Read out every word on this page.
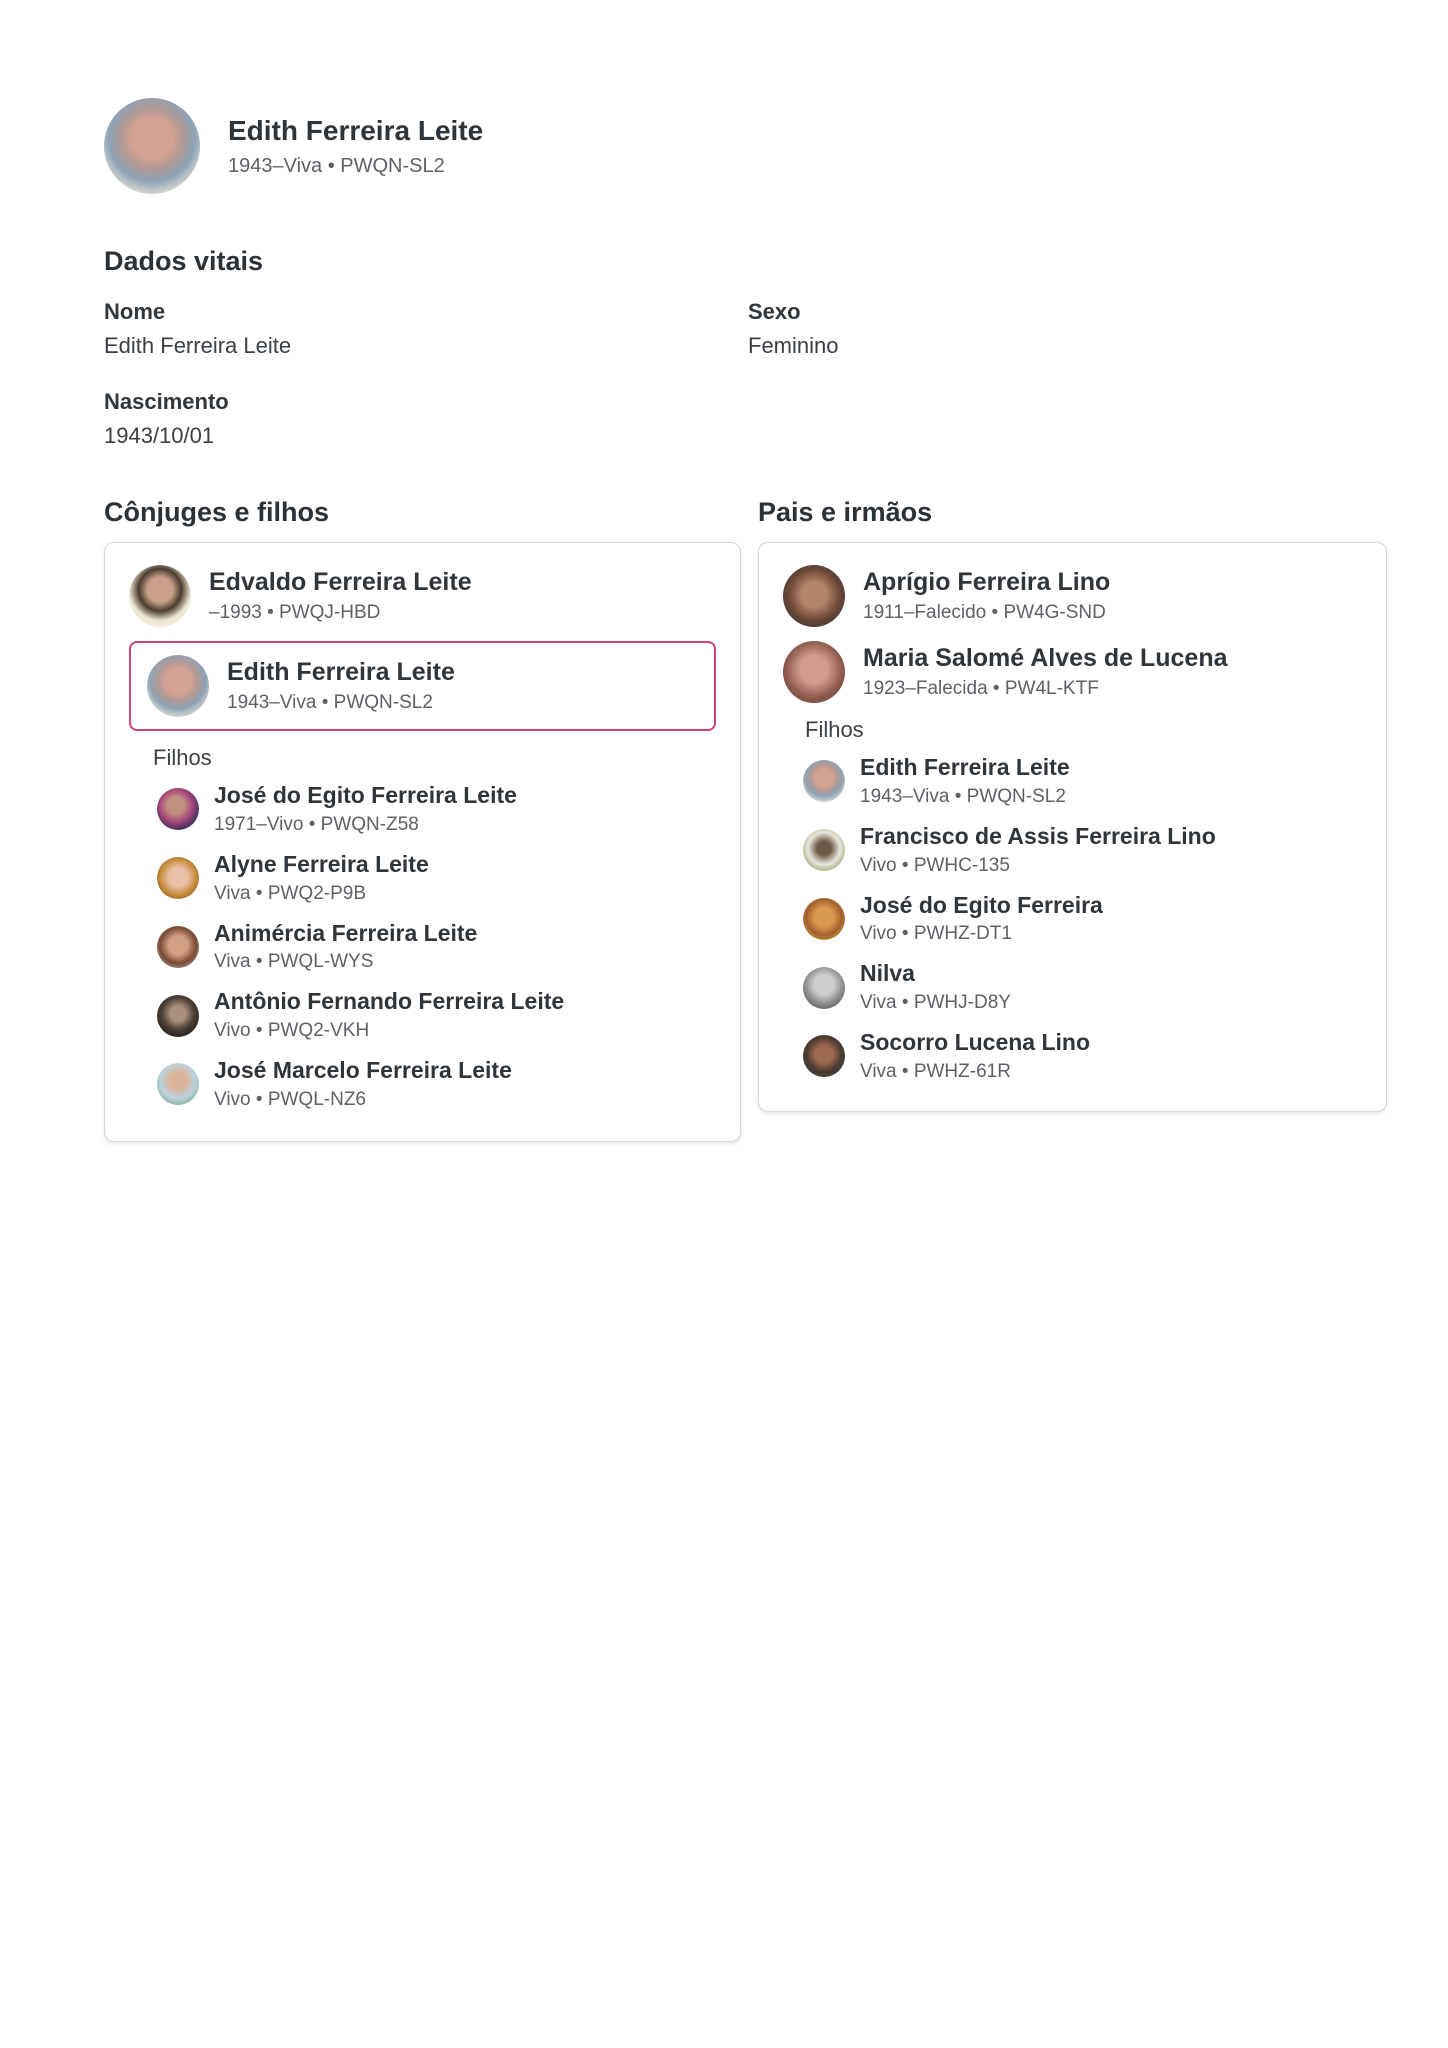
Edith Ferreira Leite
1943–Viva • PWQN-SL2
Dados vitais
Nome
Edith Ferreira Leite
Sexo
Feminino
Nascimento
1943/10/01
Cônjuges e filhos
Edvaldo Ferreira Leite
–1993 • PWQJ-HBD
Edith Ferreira Leite
1943–Viva • PWQN-SL2
Filhos
José do Egito Ferreira Leite
1971–Vivo • PWQN-Z58
Alyne Ferreira Leite
Viva • PWQ2-P9B
Animércia Ferreira Leite
Viva • PWQL-WYS
Antônio Fernando Ferreira Leite
Vivo • PWQ2-VKH
José Marcelo Ferreira Leite
Vivo • PWQL-NZ6
Pais e irmãos
Aprígio Ferreira Lino
1911–Falecido • PW4G-SND
Maria Salomé Alves de Lucena
1923–Falecida • PW4L-KTF
Filhos
Edith Ferreira Leite
1943–Viva • PWQN-SL2
Francisco de Assis Ferreira Lino
Vivo • PWHC-135
José do Egito Ferreira
Vivo • PWHZ-DT1
Nilva
Viva • PWHJ-D8Y
Socorro Lucena Lino
Viva • PWHZ-61R
